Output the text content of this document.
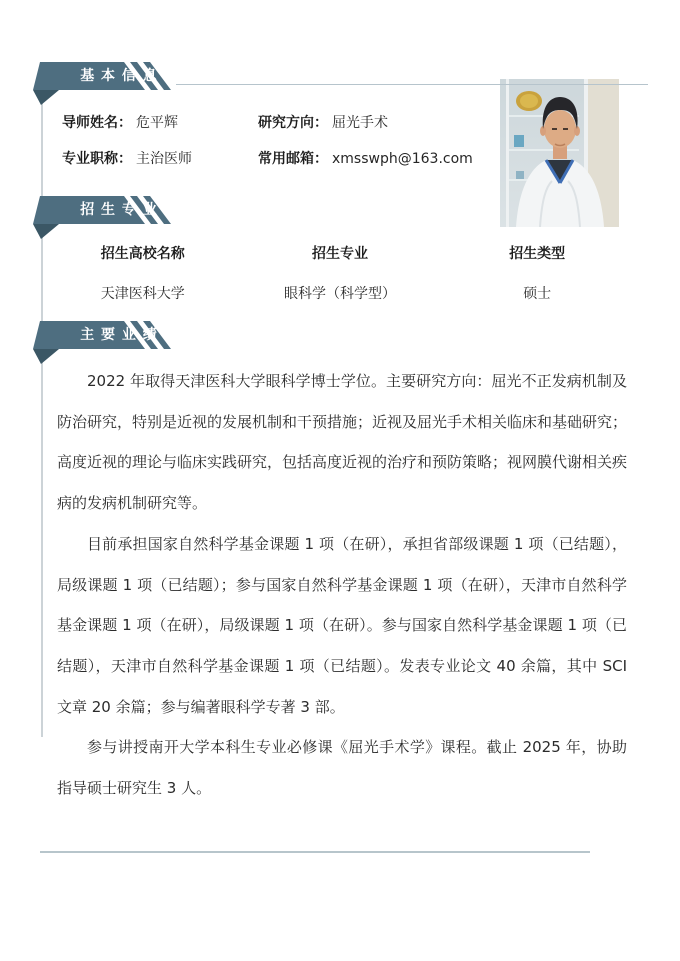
基 本 信 息
导师姓名： 危平辉	研究方向： 屈光手术
专业职称： 主治医师	常用邮箱： xmsswph@163.com
招 生 专 业
招生高校名称	招生专业	招生类型
天津医科大学	眼科学（科学型）	硕士
主 要 业 绩

2022 年取得天津医科大学眼科学博士学位。主要研究方向：屈光不正发病机制及防治研究，特别是近视的发展机制和干预措施；近视及屈光手术相关临床和基础研究；高度近视的理论与临床实践研究，包括高度近视的治疗和预防策略；视网膜代谢相关疾病的发病机制研究等。

目前承担国家自然科学基金课题 1 项（在研），承担省部级课题 1 项（已结题），局级课题 1 项（已结题）；参与国家自然科学基金课题 1 项（在研），天津市自然科学基金课题 1 项（在研），局级课题 1 项（在研）。参与国家自然科学基金课题 1 项（已结题），天津市自然科学基金课题 1 项（已结题）。发表专业论文 40 余篇，其中 SCI 文章 20 余篇；参与编著眼科学专著 3 部。

参与讲授南开大学本科生专业必修课《屈光手术学》课程。截止 2025 年，协助指导硕士研究生 3 人。
